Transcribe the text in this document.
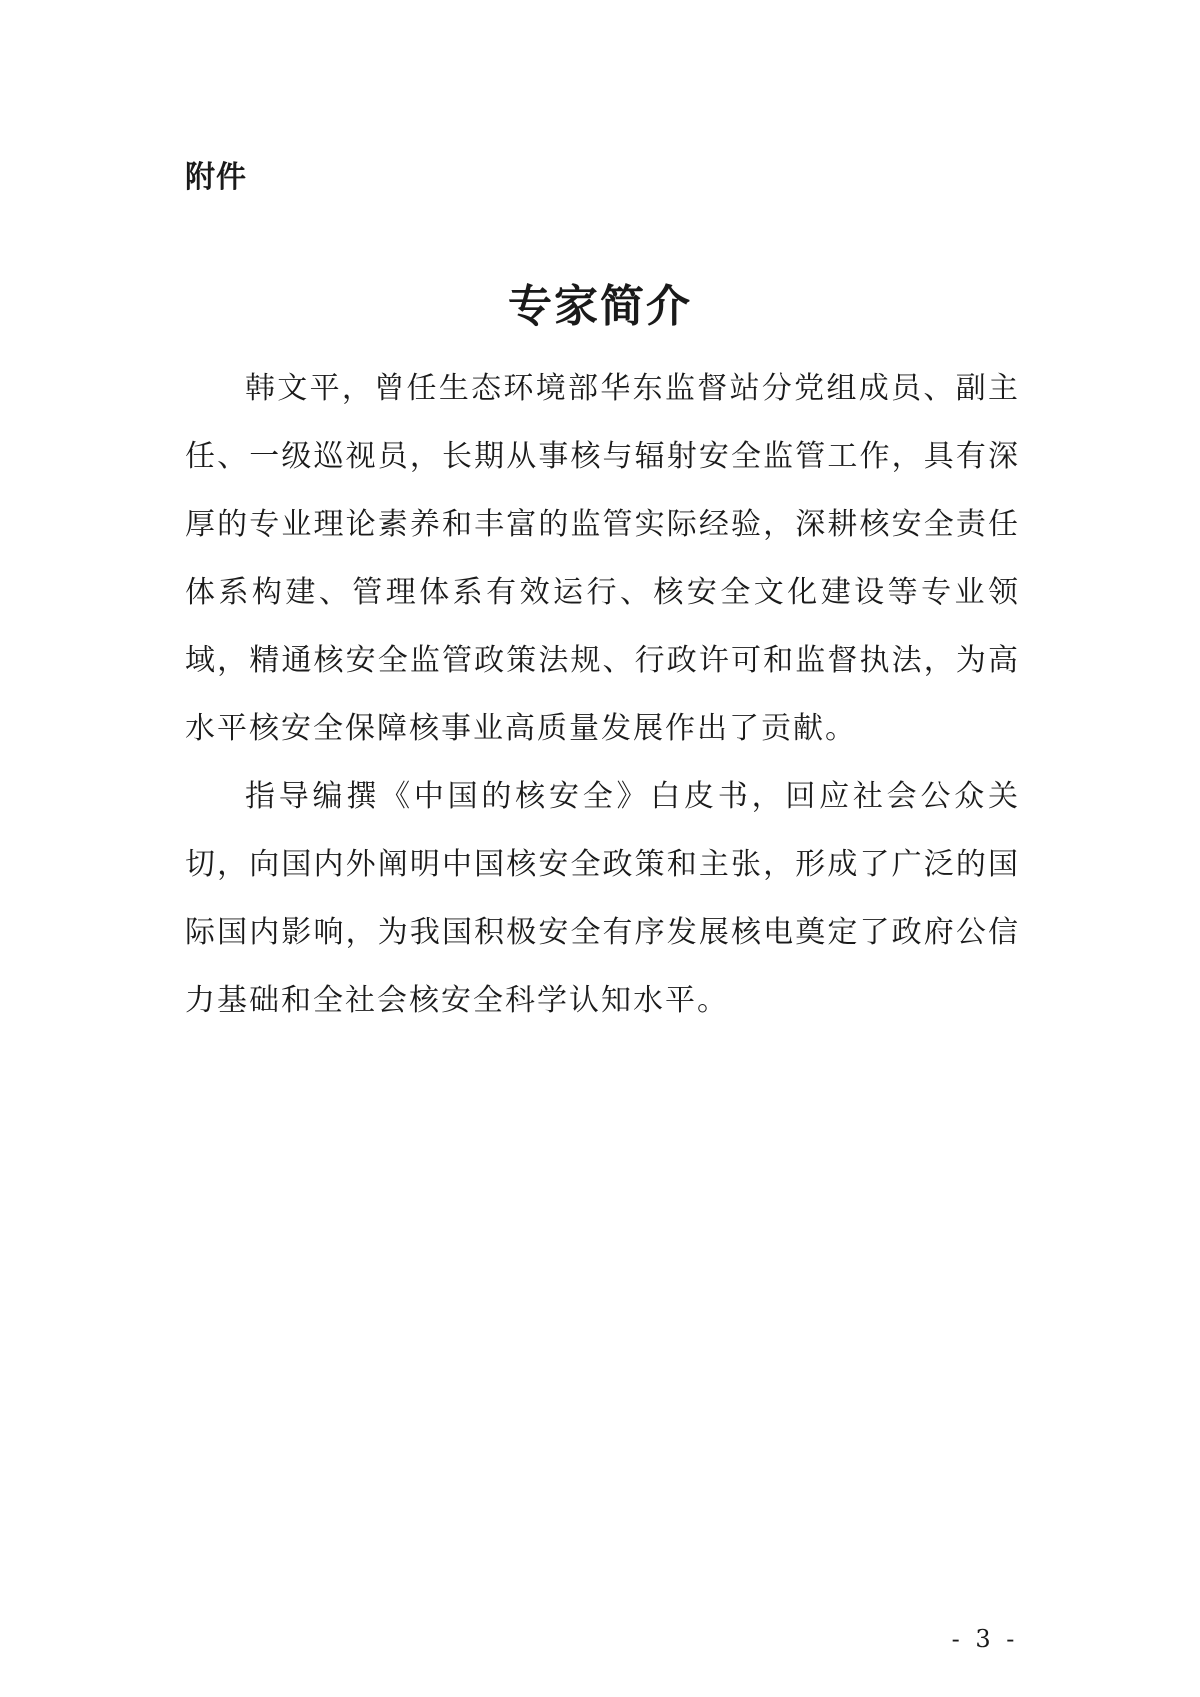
附件
专家简介

韩文平，曾任生态环境部华东监督站分党组成员、副主任、一级巡视员，长期从事核与辐射安全监管工作，具有深厚的专业理论素养和丰富的监管实际经验，深耕核安全责任体系构建、管理体系有效运行、核安全文化建设等专业领域，精通核安全监管政策法规、行政许可和监督执法，为高水平核安全保障核事业高质量发展作出了贡献。

指导编撰《中国的核安全》白皮书，回应社会公众关切，向国内外阐明中国核安全政策和主张，形成了广泛的国际国内影响，为我国积极安全有序发展核电奠定了政府公信力基础和全社会核安全科学认知水平。

- 3 -
